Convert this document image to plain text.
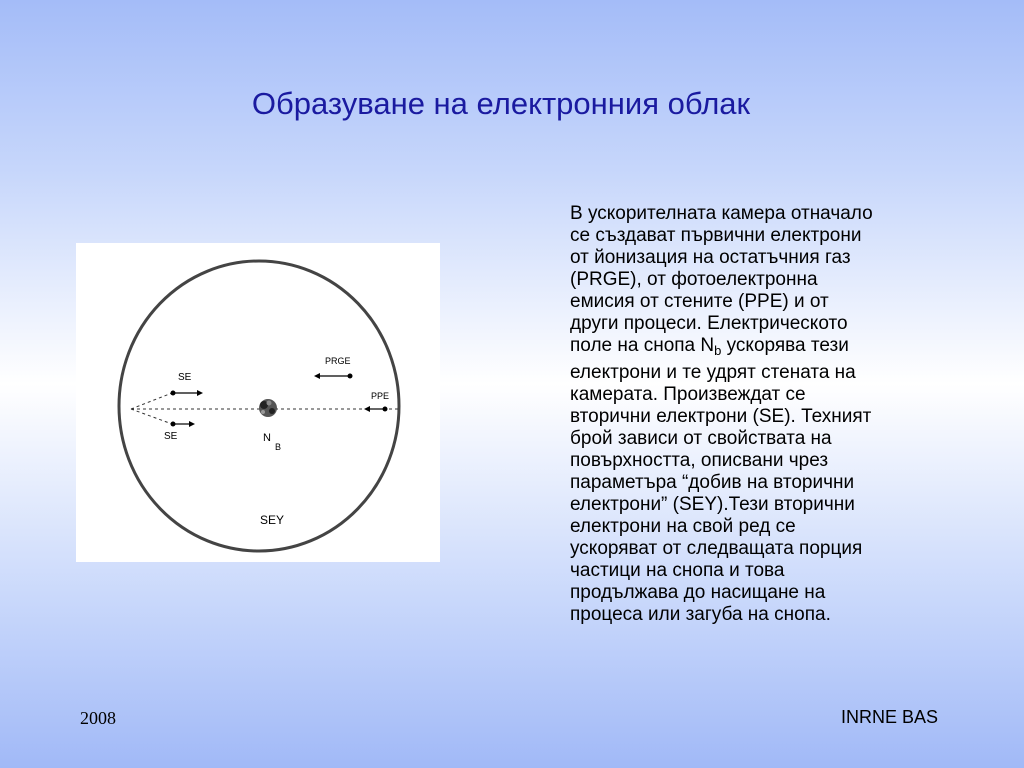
Образуване на електронния облак
SE
SE
PRGE
PPE
N
B
SEY
В ускорителната камера отначало
се създават първични електрони
от йонизация на остатъчния газ
(PRGE), от фотоелектронна
емисия от стените (PPE) и от
други процеси. Електрическото
поле на снопа $N_b$ ускорява тези
електрони и те удрят стената на
камерата. Произвеждат се
вторични електрони (SE). Техният
брой зависи от свойствата на
повърхността, описвани чрез
параметъра “добив на вторични
електрони” (SEY).Тези вторични
електрони на свой ред се
ускоряват от следващата порция
частици на снопа и това
продължава до насищане на
процеса или загуба на снопа.
2008	INRNE BAS
